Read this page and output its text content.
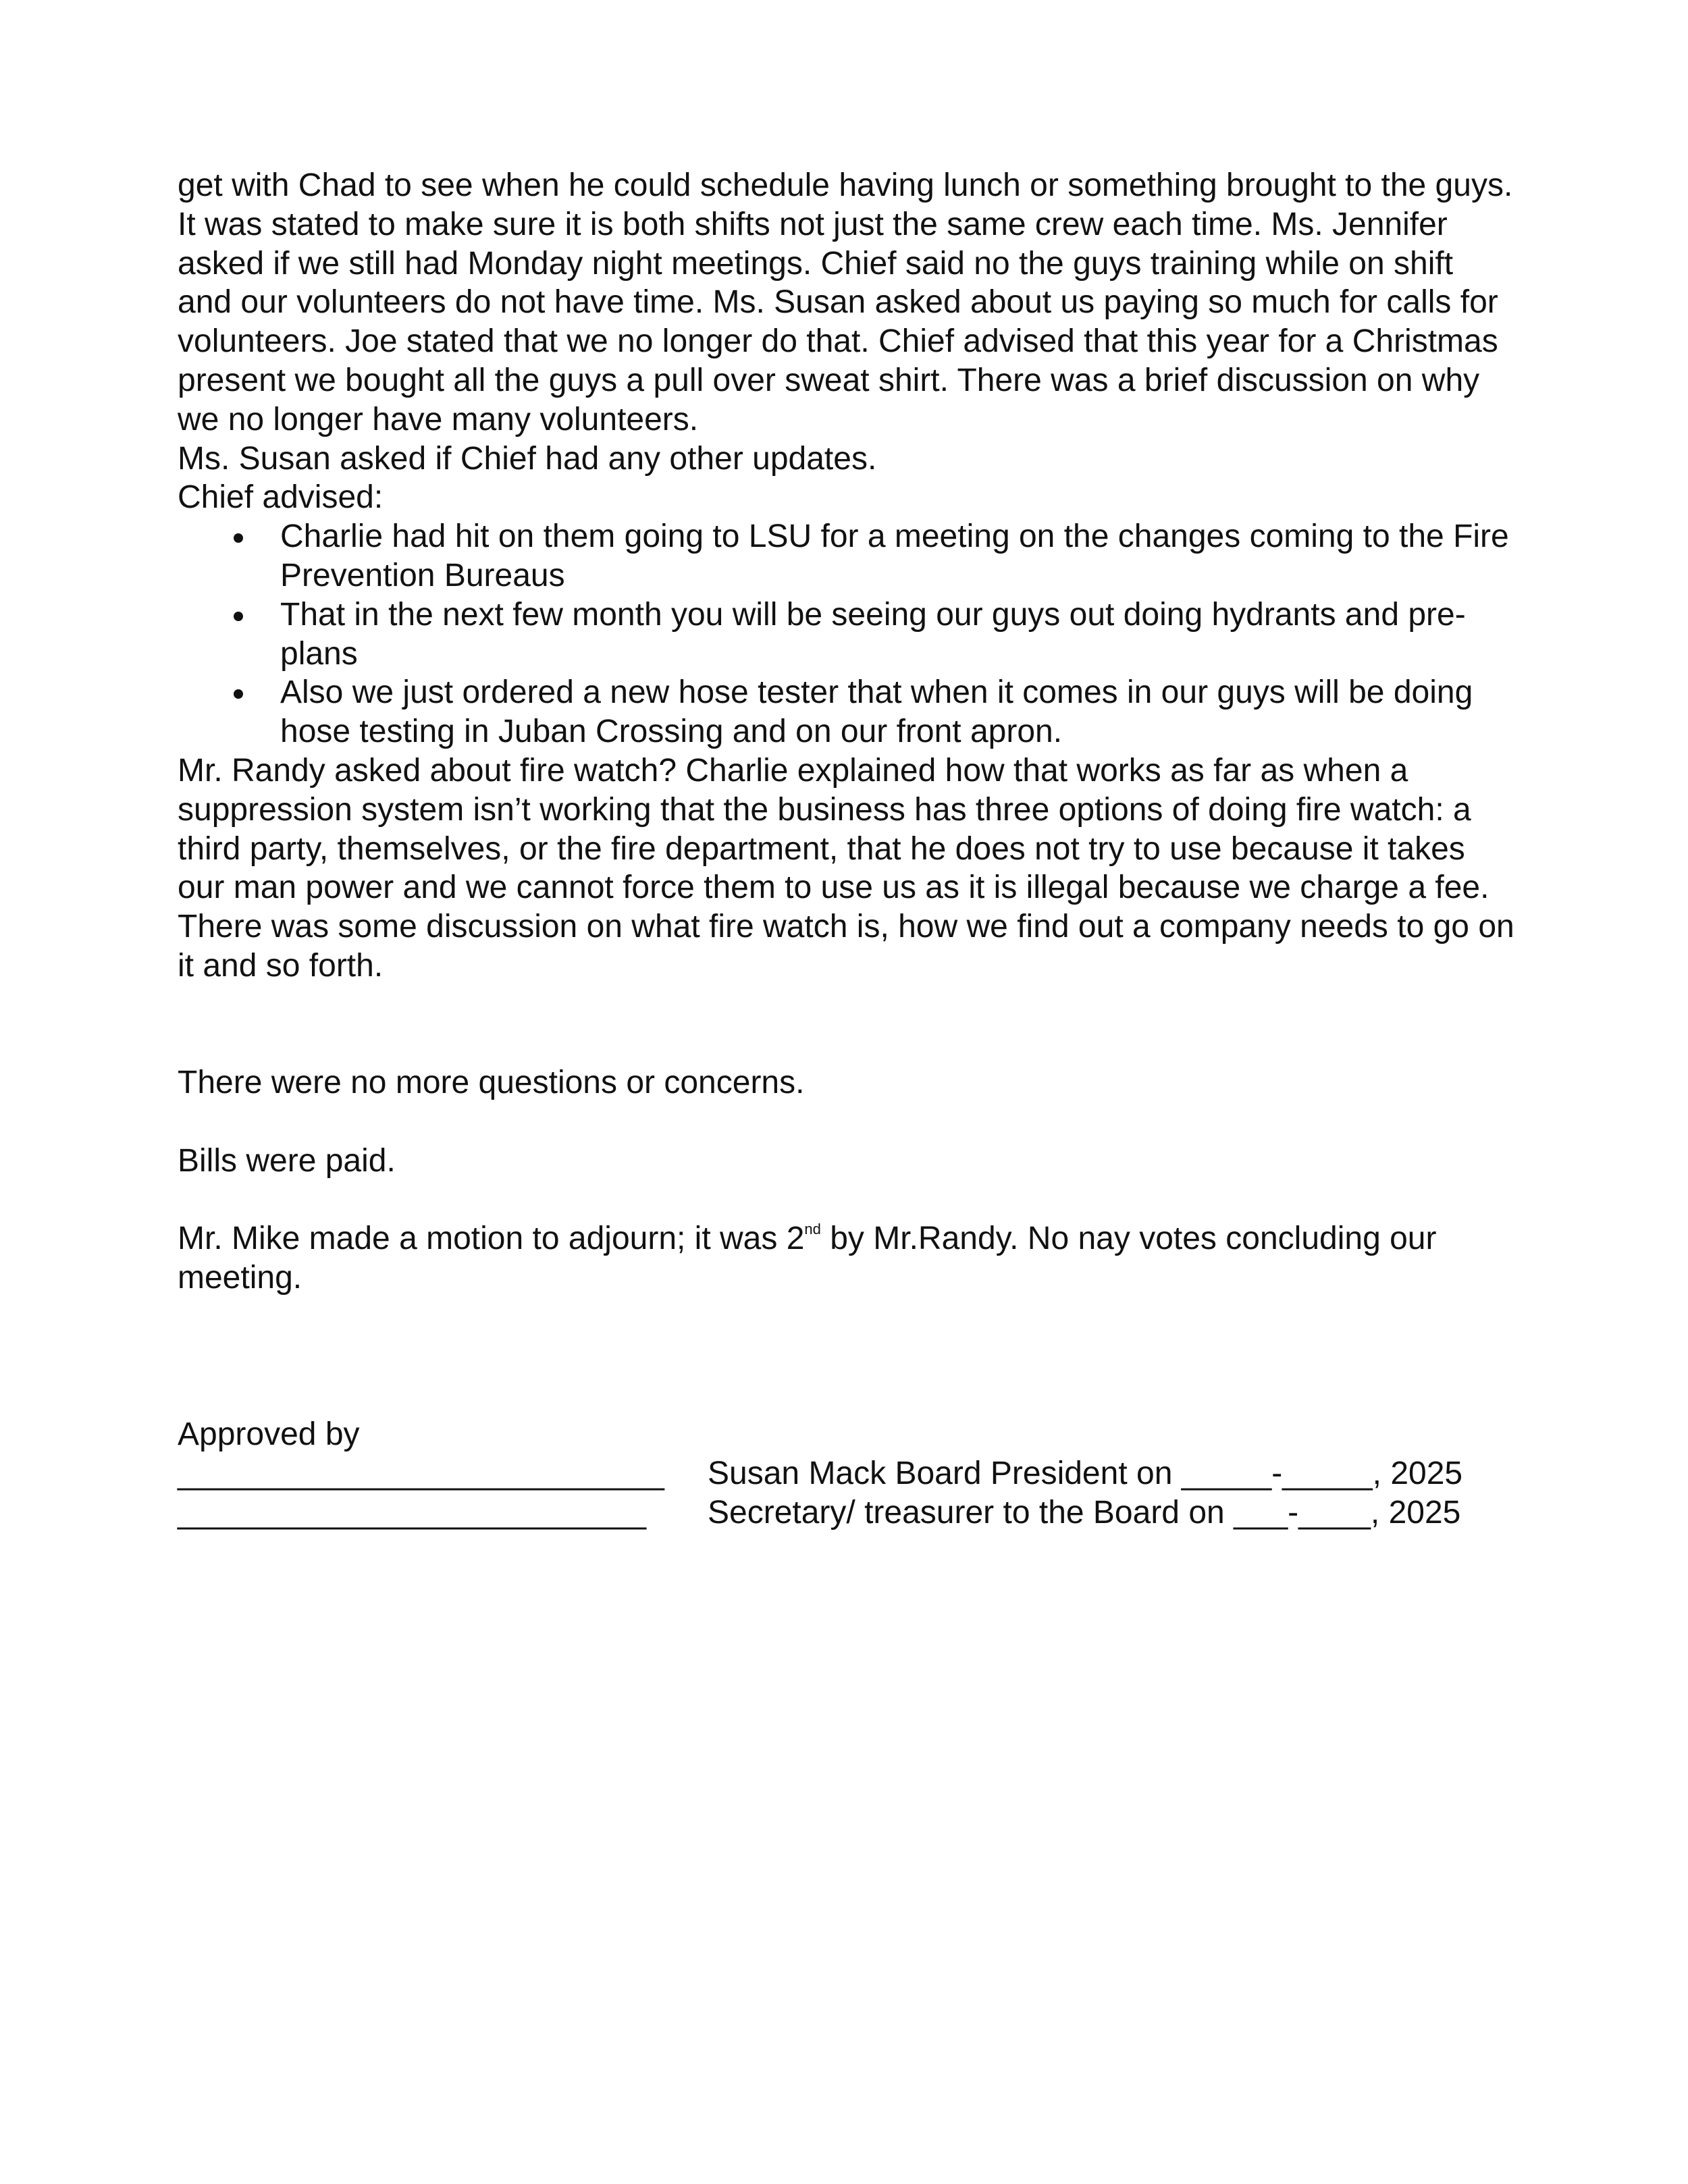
get with Chad to see when he could schedule having lunch or something brought to the guys. It was stated to make sure it is both shifts not just the same crew each time. Ms. Jennifer asked if we still had Monday night meetings. Chief said no the guys training while on shift and our volunteers do not have time. Ms. Susan asked about us paying so much for calls for volunteers. Joe stated that we no longer do that. Chief advised that this year for a Christmas present we bought all the guys a pull over sweat shirt. There was a brief discussion on why we no longer have many volunteers.

Ms. Susan asked if Chief had any other updates.

Chief advised:

Charlie had hit on them going to LSU for a meeting on the changes coming to the Fire Prevention Bureaus
That in the next few month you will be seeing our guys out doing hydrants and pre-plans
Also we just ordered a new hose tester that when it comes in our guys will be doing hose testing in Juban Crossing and on our front apron.

Mr. Randy asked about fire watch? Charlie explained how that works as far as when a suppression system isn’t working that the business has three options of doing fire watch: a third party, themselves, or the fire department, that he does not try to use because it takes our man power and we cannot force them to use us as it is illegal because we charge a fee. There was some discussion on what fire watch is, how we find out a company needs to go on it and so forth.

There were no more questions or concerns.

Bills were paid.

Mr. Mike made a motion to adjourn; it was 2nd by Mr.Randy. No nay votes concluding our meeting.

Approved by

___________________________ Susan Mack Board President on _____-_____, 2025
__________________________ Secretary/ treasurer to the Board on ___-____, 2025
